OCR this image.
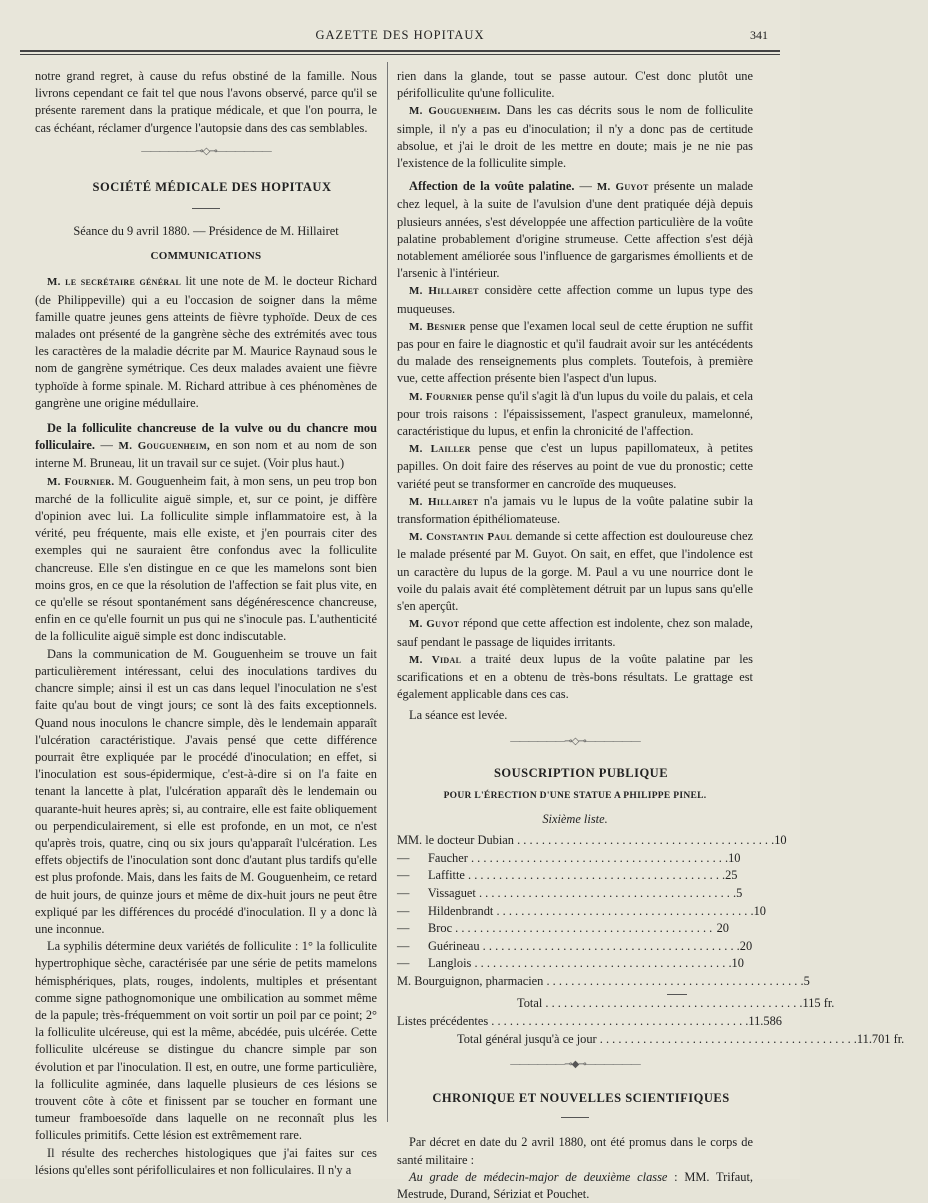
GAZETTE DES HOPITAUX	341

notre grand regret, à cause du refus obstiné de la famille. Nous livrons cependant ce fait tel que nous l'avons observé, parce qu'il se présente rarement dans la pratique médicale, et que l'on pourra, le cas échéant, réclamer d'urgence l'autopsie dans des cas semblables.

——————⊸◇⊸——————

SOCIÉTÉ MÉDICALE DES HOPITAUX

Séance du 9 avril 1880. — Présidence de M. Hillairet

COMMUNICATIONS

M. le secrétaire général lit une note de M. le docteur Richard (de Philippeville) qui a eu l'occasion de soigner dans la même famille quatre jeunes gens atteints de fièvre typhoïde. Deux de ces malades ont présenté de la gangrène sèche des extrémités avec tous les caractères de la maladie décrite par M. Maurice Raynaud sous le nom de gangrène symétrique. Ces deux malades avaient une fièvre typhoïde à forme spinale. M. Richard attribue à ces phénomènes de gangrène une origine médullaire.

De la folliculite chancreuse de la vulve ou du chancre mou folliculaire. — M. Gouguenheim, en son nom et au nom de son interne M. Bruneau, lit un travail sur ce sujet. (Voir plus haut.)

M. Fournier. M. Gouguenheim fait, à mon sens, un peu trop bon marché de la folliculite aiguë simple, et, sur ce point, je diffère d'opinion avec lui. La folliculite simple inflammatoire est, à la vérité, peu fréquente, mais elle existe, et j'en pourrais citer des exemples qui ne sauraient être confondus avec la folliculite chancreuse. Elle s'en distingue en ce que les mamelons sont bien moins gros, en ce que la résolution de l'affection se fait plus vite, en ce qu'elle se résout spontanément sans dégénérescence chancreuse, enfin en ce qu'elle fournit un pus qui ne s'inocule pas. L'authenticité de la folliculite aiguë simple est donc indiscutable.

Dans la communication de M. Gouguenheim se trouve un fait particulièrement intéressant, celui des inoculations tardives du chancre simple; ainsi il est un cas dans lequel l'inoculation ne s'est faite qu'au bout de vingt jours; ce sont là des faits exceptionnels. Quand nous inoculons le chancre simple, dès le lendemain apparaît l'ulcération caractéristique. J'avais pensé que cette différence pourrait être expliquée par le procédé d'inoculation; en effet, si l'inoculation est sous-épidermique, c'est-à-dire si on l'a faite en tenant la lancette à plat, l'ulcération apparaît dès le lendemain ou quarante-huit heures après; si, au contraire, elle est faite obliquement ou perpendiculairement, si elle est profonde, en un mot, ce n'est qu'après trois, quatre, cinq ou six jours qu'apparaît l'ulcération. Les effets objectifs de l'inoculation sont donc d'autant plus tardifs qu'elle est plus profonde. Mais, dans les faits de M. Gouguenheim, ce retard de huit jours, de quinze jours et même de dix-huit jours ne peut être expliqué par les différences du procédé d'inoculation. Il y a donc là une inconnue.

La syphilis détermine deux variétés de folliculite : 1° la folliculite hypertrophique sèche, caractérisée par une série de petits mamelons hémisphériques, plats, rouges, indolents, multiples et présentant comme signe pathognomonique une ombilication au sommet même de la papule; très-fréquemment on voit sortir un poil par ce point; 2° la folliculite ulcéreuse, qui est la même, abcédée, puis ulcérée. Cette folliculite ulcéreuse se distingue du chancre simple par son évolution et par l'inoculation. Il est, en outre, une forme particulière, la folliculite agminée, dans laquelle plusieurs de ces lésions se trouvent côte à côte et finissent par se toucher en formant une tumeur framboesoïde dans laquelle on ne reconnaît plus les follicules primitifs. Cette lésion est extrêmement rare.

Il résulte des recherches histologiques que j'ai faites sur ces lésions qu'elles sont périfolliculaires et non folliculaires. Il n'y a

rien dans la glande, tout se passe autour. C'est donc plutôt une périfolliculite qu'une folliculite.

M. Gouguenheim. Dans les cas décrits sous le nom de folliculite simple, il n'y a pas eu d'inoculation; il n'y a donc pas de certitude absolue, et j'ai le droit de les mettre en doute; mais je ne nie pas l'existence de la folliculite simple.

Affection de la voûte palatine. — M. Guyot présente un malade chez lequel, à la suite de l'avulsion d'une dent pratiquée déjà depuis plusieurs années, s'est développée une affection particulière de la voûte palatine probablement d'origine strumeuse. Cette affection s'est déjà notablement améliorée sous l'influence de gargarismes émollients et de l'arsenic à l'intérieur.

M. Hillairet considère cette affection comme un lupus type des muqueuses.

M. Besnier pense que l'examen local seul de cette éruption ne suffit pas pour en faire le diagnostic et qu'il faudrait avoir sur les antécédents du malade des renseignements plus complets. Toutefois, à première vue, cette affection présente bien l'aspect d'un lupus.

M. Fournier pense qu'il s'agit là d'un lupus du voile du palais, et cela pour trois raisons : l'épaississement, l'aspect granuleux, mamelonné, caractéristique du lupus, et enfin la chronicité de l'affection.

M. Lailler pense que c'est un lupus papillomateux, à petites papilles. On doit faire des réserves au point de vue du pronostic; cette variété peut se transformer en cancroïde des muqueuses.

M. Hillairet n'a jamais vu le lupus de la voûte palatine subir la transformation épithéliomateuse.

M. Constantin Paul demande si cette affection est douloureuse chez le malade présenté par M. Guyot. On sait, en effet, que l'indolence est un caractère du lupus de la gorge. M. Paul a vu une nourrice dont le voile du palais avait été complètement détruit par un lupus sans qu'elle s'en aperçût.

M. Guyot répond que cette affection est indolente, chez son malade, sauf pendant le passage de liquides irritants.

M. Vidal a traité deux lupus de la voûte palatine par les scarifications et en a obtenu de très-bons résultats. Le grattage est également applicable dans ces cas.

La séance est levée.

——————⊸◇⊸——————

SOUSCRIPTION PUBLIQUE

POUR L'ÉRECTION D'UNE STATUE A PHILIPPE PINEL.

Sixième liste.

MM. le docteur Dubian . . .	10
—      Faucher . . .	10
—      Laffitte . . .	25
—      Vissaguet . . .	5
—      Hildenbrandt . . .	10
—      Broc . . .	20
—      Guérineau . . .	20
—      Langlois . . .	10
M. Bourguignon, pharmacien . . .	5
Total . . .	115 fr.
Listes précédentes . . .	11.586
Total général jusqu'à ce jour . . .	11.701 fr.
——————⊸◆⊸——————

CHRONIQUE ET NOUVELLES SCIENTIFIQUES

Par décret en date du 2 avril 1880, ont été promus dans le corps de santé militaire :

Au grade de médecin-major de deuxième classe : MM. Trifaut, Mestrude, Durand, Sériziat et Pouchet.
